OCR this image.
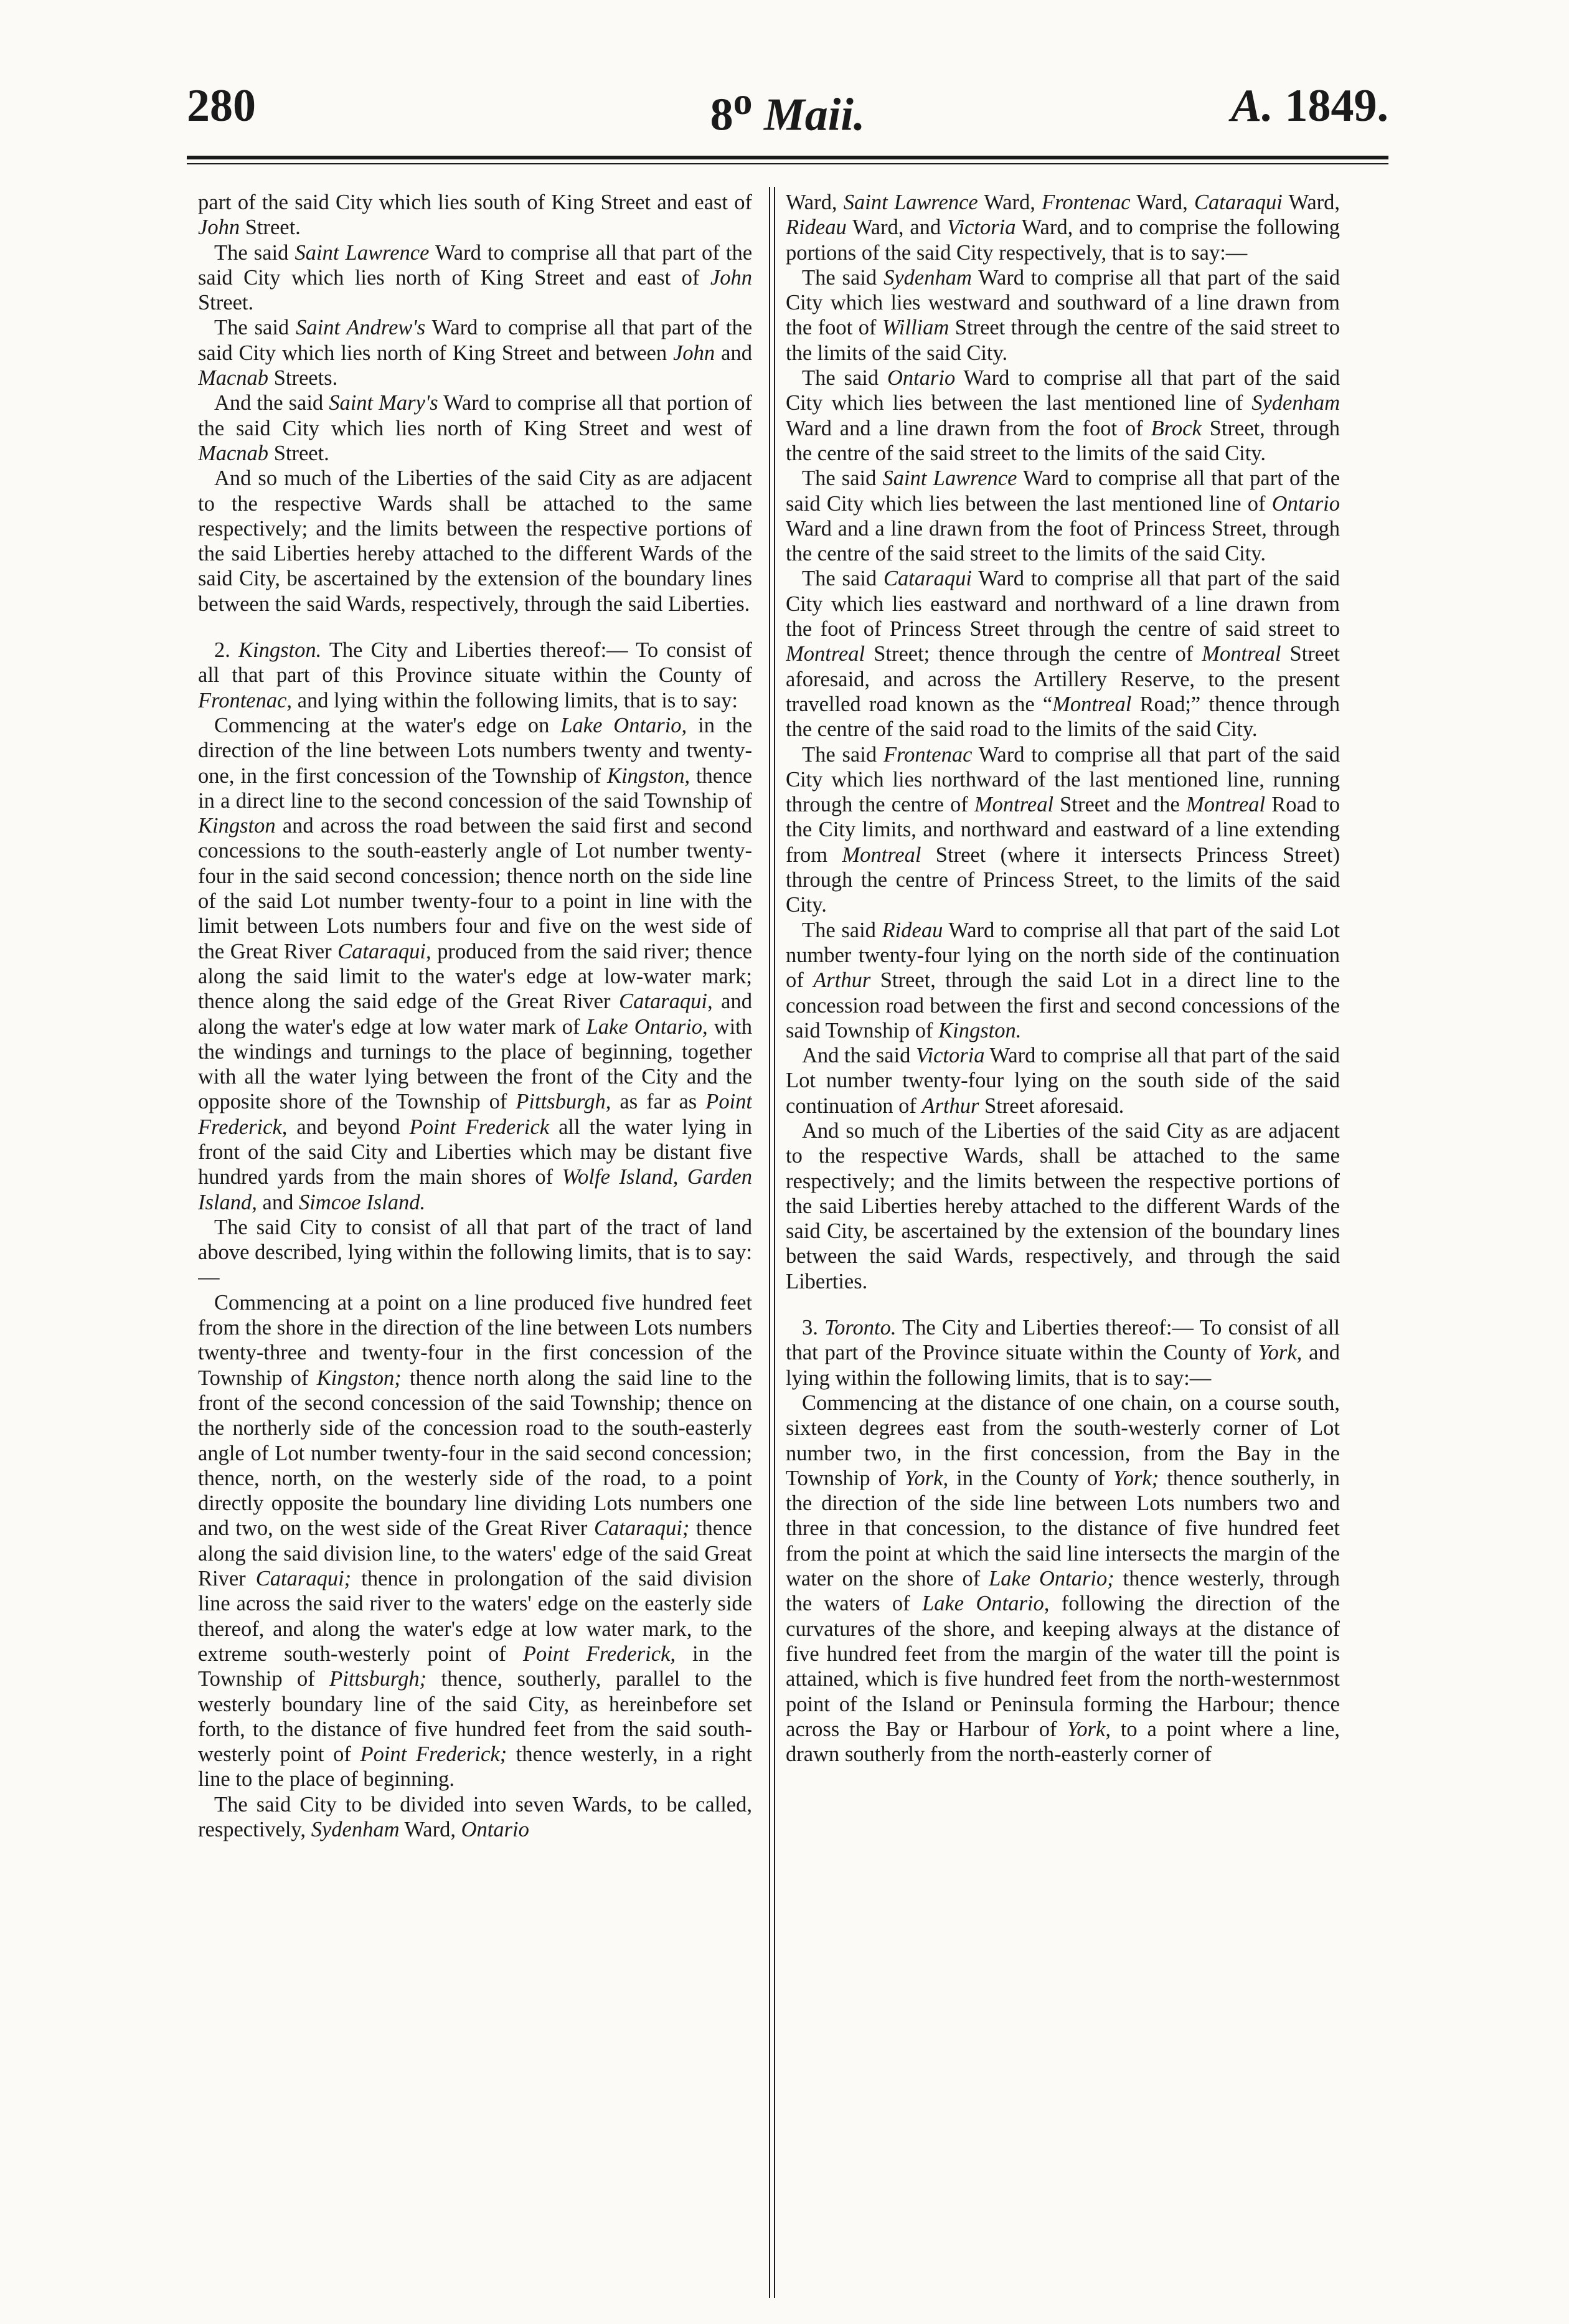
280	8$^o$ Maii.	A. 1849.

part of the said City which lies south of King Street and east of John Street.

The said Saint Lawrence Ward to comprise all that part of the said City which lies north of King Street and east of John Street.

The said Saint Andrew's Ward to comprise all that part of the said City which lies north of King Street and between John and Macnab Streets.

And the said Saint Mary's Ward to comprise all that portion of the said City which lies north of King Street and west of Macnab Street.

And so much of the Liberties of the said City as are adjacent to the respective Wards shall be attached to the same respectively; and the limits between the respective portions of the said Liberties hereby attached to the different Wards of the said City, be ascertained by the extension of the boundary lines between the said Wards, respectively, through the said Liberties.

2. Kingston. The City and Liberties thereof:— To consist of all that part of this Province situate within the County of Frontenac, and lying within the following limits, that is to say:

Commencing at the water's edge on Lake Ontario, in the direction of the line between Lots numbers twenty and twenty-one, in the first concession of the Township of Kingston, thence in a direct line to the second concession of the said Township of Kingston and across the road between the said first and second concessions to the south-easterly angle of Lot number twenty-four in the said second concession; thence north on the side line of the said Lot number twenty-four to a point in line with the limit between Lots numbers four and five on the west side of the Great River Cataraqui, produced from the said river; thence along the said limit to the water's edge at low-water mark; thence along the said edge of the Great River Cataraqui, and along the water's edge at low water mark of Lake Ontario, with the windings and turnings to the place of beginning, together with all the water lying between the front of the City and the opposite shore of the Township of Pittsburgh, as far as Point Frederick, and beyond Point Frederick all the water lying in front of the said City and Liberties which may be distant five hundred yards from the main shores of Wolfe Island, Garden Island, and Simcoe Island.

The said City to consist of all that part of the tract of land above described, lying within the following limits, that is to say:—

Commencing at a point on a line produced five hundred feet from the shore in the direction of the line between Lots numbers twenty-three and twenty-four in the first concession of the Township of Kingston; thence north along the said line to the front of the second concession of the said Township; thence on the northerly side of the concession road to the south-easterly angle of Lot number twenty-four in the said second concession; thence, north, on the westerly side of the road, to a point directly opposite the boundary line dividing Lots numbers one and two, on the west side of the Great River Cataraqui; thence along the said division line, to the waters' edge of the said Great River Cataraqui; thence in prolongation of the said division line across the said river to the waters' edge on the easterly side thereof, and along the water's edge at low water mark, to the extreme south-westerly point of Point Frederick, in the Township of Pittsburgh; thence, southerly, parallel to the westerly boundary line of the said City, as hereinbefore set forth, to the distance of five hundred feet from the said south-westerly point of Point Frederick; thence westerly, in a right line to the place of beginning.

The said City to be divided into seven Wards, to be called, respectively, Sydenham Ward, Ontario

Ward, Saint Lawrence Ward, Frontenac Ward, Cataraqui Ward, Rideau Ward, and Victoria Ward, and to comprise the following portions of the said City respectively, that is to say:—

The said Sydenham Ward to comprise all that part of the said City which lies westward and southward of a line drawn from the foot of William Street through the centre of the said street to the limits of the said City.

The said Ontario Ward to comprise all that part of the said City which lies between the last mentioned line of Sydenham Ward and a line drawn from the foot of Brock Street, through the centre of the said street to the limits of the said City.

The said Saint Lawrence Ward to comprise all that part of the said City which lies between the last mentioned line of Ontario Ward and a line drawn from the foot of Princess Street, through the centre of the said street to the limits of the said City.

The said Cataraqui Ward to comprise all that part of the said City which lies eastward and northward of a line drawn from the foot of Princess Street through the centre of said street to Montreal Street; thence through the centre of Montreal Street aforesaid, and across the Artillery Reserve, to the present travelled road known as the “Montreal Road;” thence through the centre of the said road to the limits of the said City.

The said Frontenac Ward to comprise all that part of the said City which lies northward of the last mentioned line, running through the centre of Montreal Street and the Montreal Road to the City limits, and northward and eastward of a line extending from Montreal Street (where it intersects Princess Street) through the centre of Princess Street, to the limits of the said City.

The said Rideau Ward to comprise all that part of the said Lot number twenty-four lying on the north side of the continuation of Arthur Street, through the said Lot in a direct line to the concession road between the first and second concessions of the said Township of Kingston.

And the said Victoria Ward to comprise all that part of the said Lot number twenty-four lying on the south side of the said continuation of Arthur Street aforesaid.

And so much of the Liberties of the said City as are adjacent to the respective Wards, shall be attached to the same respectively; and the limits between the respective portions of the said Liberties hereby attached to the different Wards of the said City, be ascertained by the extension of the boundary lines between the said Wards, respectively, and through the said Liberties.

3. Toronto. The City and Liberties thereof:— To consist of all that part of the Province situate within the County of York, and lying within the following limits, that is to say:—

Commencing at the distance of one chain, on a course south, sixteen degrees east from the south-westerly corner of Lot number two, in the first concession, from the Bay in the Township of York, in the County of York; thence southerly, in the direction of the side line between Lots numbers two and three in that concession, to the distance of five hundred feet from the point at which the said line intersects the margin of the water on the shore of Lake Ontario; thence westerly, through the waters of Lake Ontario, following the direction of the curvatures of the shore, and keeping always at the distance of five hundred feet from the margin of the water till the point is attained, which is five hundred feet from the north-westernmost point of the Island or Peninsula forming the Harbour; thence across the Bay or Harbour of York, to a point where a line, drawn southerly from the north-easterly corner of
